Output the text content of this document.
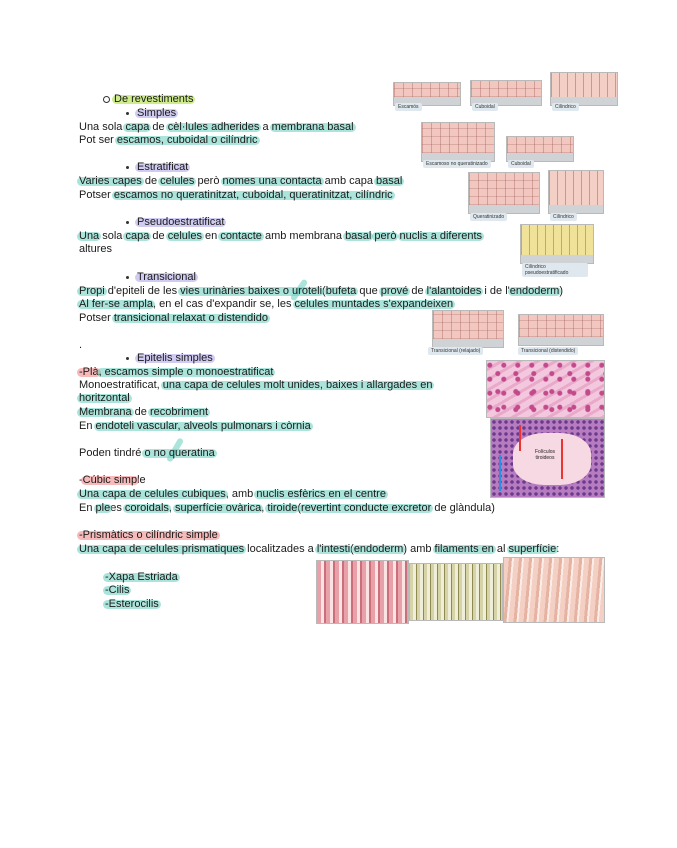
De revestiments
Simples
Una sola capa de cèl·lules adherides a membrana basal
Pot ser escamos, cuboidal o cilíndric
Estratificat
Varies capes de celules però nomes una contacta amb capa basal
Potser escamos no queratinitzat, cuboidal, queratinitzat, cilíndric
Pseudoestratificat
Una sola capa de celules en contacte amb membrana basal però nuclis a diferents
altures
Transicional
Propi d'epiteli de les vies urinàries baixes o uroteli(bufeta que prové de l'alantoides i de l'endoderm)
Al fer-se ampla, en el cas d'expandir se, les celules muntades s'expandeixen
Potser transicional relaxat o distendido
.
Epitelis simples
-Plà, escamos simple o monoestratificat
Monoestratificat, una capa de celules molt unides, baixes i allargades en
horitzontal
Membrana de recobriment
En endoteli vascular, alveols pulmonars i còrnia
Poden tindré o no queratina
-Cúbic simple
Una capa de celules cubiques, amb nuclis esfèrics en el centre
En plees coroidals, superfície ovàrica, tiroide(revertint conducte excretor de glàndula)
-Prismàtics o cilíndric simple
Una capa de celules prismatiques localitzades a l'intesti(endoderm) amb filaments en al superfície:
-Xapa Estriada
-Cilis
-Esterocilis
Escamós	Cuboidal	Cilíndrico
Escamoso no queratinizado	Cuboidal
Queratinizado	Cilíndrico
Cilíndrico pseudoestratificado
Transicional (relajado)	Transicional (distendido)
Folículos tiroideos
